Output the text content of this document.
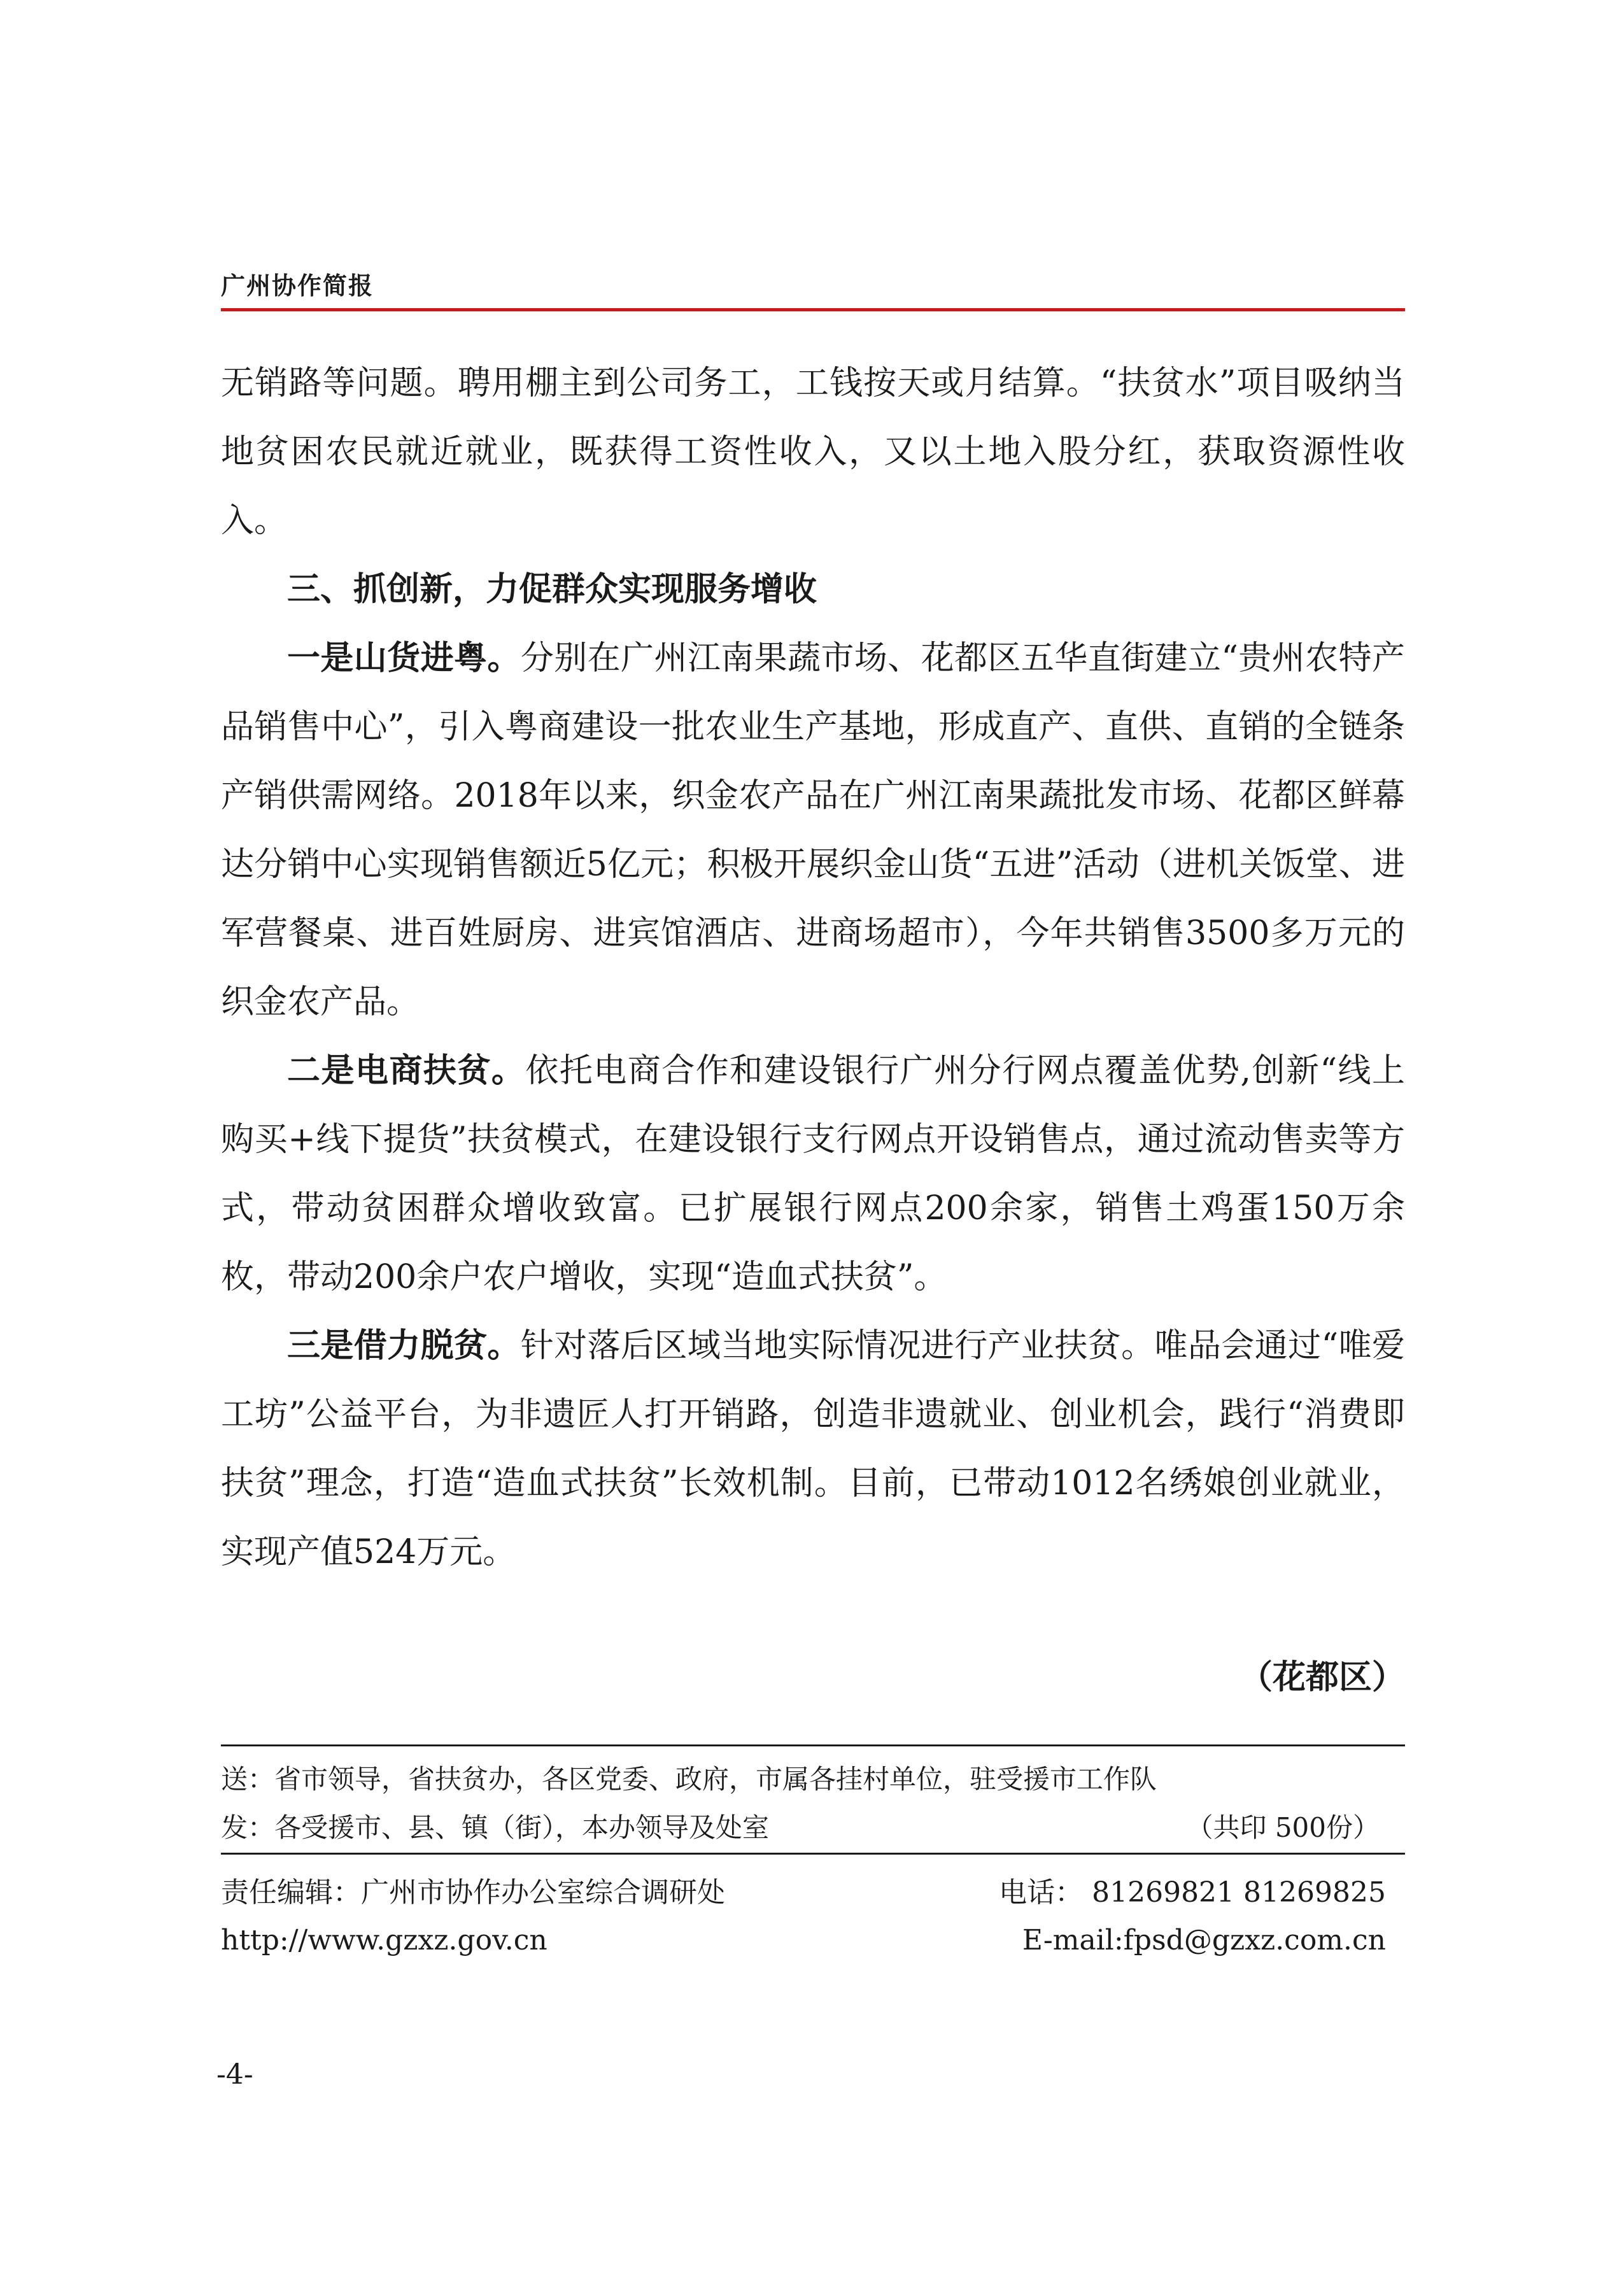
广州协作简报

无销路等问题。聘用棚主到公司务工，工钱按天或月结算。“扶贫水”项目吸纳当地贫困农民就近就业，既获得工资性收入，又以土地入股分红，获取资源性收入。

三、抓创新，力促群众实现服务增收

一是山货进粤。分别在广州江南果蔬市场、花都区五华直街建立“贵州农特产品销售中心”，引入粤商建设一批农业生产基地，形成直产、直供、直销的全链条产销供需网络。2018年以来，织金农产品在广州江南果蔬批发市场、花都区鲜幕达分销中心实现销售额近5亿元；积极开展织金山货“五进”活动（进机关饭堂、进军营餐桌、进百姓厨房、进宾馆酒店、进商场超市），今年共销售3500多万元的织金农产品。

二是电商扶贫。依托电商合作和建设银行广州分行网点覆盖优势,创新“线上购买+线下提货”扶贫模式，在建设银行支行网点开设销售点，通过流动售卖等方式，带动贫困群众增收致富。已扩展银行网点200余家，销售土鸡蛋150万余枚，带动200余户农户增收，实现“造血式扶贫”。

三是借力脱贫。针对落后区域当地实际情况进行产业扶贫。唯品会通过“唯爱工坊”公益平台，为非遗匠人打开销路，创造非遗就业、创业机会，践行“消费即扶贫”理念，打造“造血式扶贫”长效机制。目前，已带动1012名绣娘创业就业，实现产值524万元。

（花都区）
送：省市领导，省扶贫办，各区党委、政府，市属各挂村单位，驻受援市工作队
发：各受援市、县、镇（街），本办领导及处室	（共印 500份）
责任编辑：广州市协作办公室综合调研处	电话： 81269821 81269825
http://www.gzxz.gov.cn	E-mail:fpsd@gzxz.com.cn
-4-
